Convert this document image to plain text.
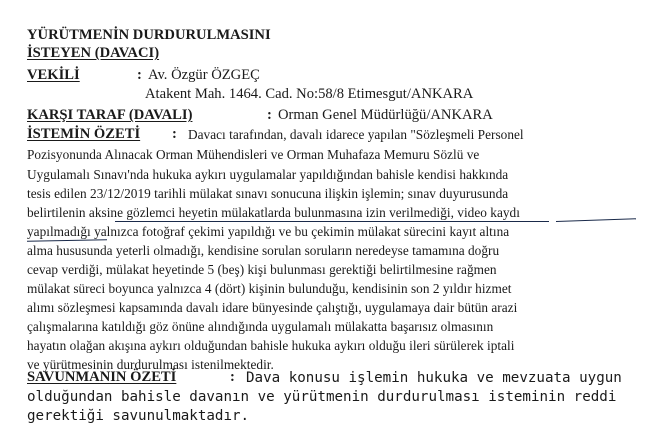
YÜRÜTMENİN DURDURULMASINI
İSTEYEN (DAVACI)
VEKİLİ	: Av. Özgür ÖZGEÇ
Atakent Mah. 1464. Cad. No:58/8 Etimesgut/ANKARA
KARŞI TARAF (DAVALI)	: Orman Genel Müdürlüğü/ANKARA
İSTEMİN ÖZETİ : Davacı tarafından, davalı idarece yapılan "Sözleşmeli Personel
Pozisyonunda Alınacak Orman Mühendisleri ve Orman Muhafaza Memuru Sözlü ve
Uygulamalı Sınavı'nda hukuka aykırı uygulamalar yapıldığından bahisle kendisi hakkında
tesis edilen 23/12/2019 tarihli mülakat sınavı sonucuna ilişkin işlemin; sınav duyurusunda
belirtilenin aksine gözlemci heyetin mülakatlarda bulunmasına izin verilmediği, video kaydı
yapılmadığı yalnızca fotoğraf çekimi yapıldığı ve bu çekimin mülakat sürecini kayıt altına
alma hususunda yeterli olmadığı, kendisine sorulan soruların neredeyse tamamına doğru
cevap verdiği, mülakat heyetinde 5 (beş) kişi bulunması gerektiği belirtilmesine rağmen
mülakat süreci boyunca yalnızca 4 (dört) kişinin bulunduğu, kendisinin son 2 yıldır hizmet
alımı sözleşmesi kapsamında davalı idare bünyesinde çalıştığı, uygulamaya dair bütün arazi
çalışmalarına katıldığı göz önüne alındığında uygulamalı mülakatta başarısız olmasının
hayatın olağan akışına aykırı olduğundan bahisle hukuka aykırı olduğu ileri sürülerek iptali
ve yürütmesinin durdurulması istenilmektedir.
SAVUNMANIN ÖZETİ	: Dava konusu işlemin hukuka ve mevzuata uygun
olduğundan bahisle davanın ve yürütmenin durdurulması isteminin reddi
gerektiği savunulmaktadır.
